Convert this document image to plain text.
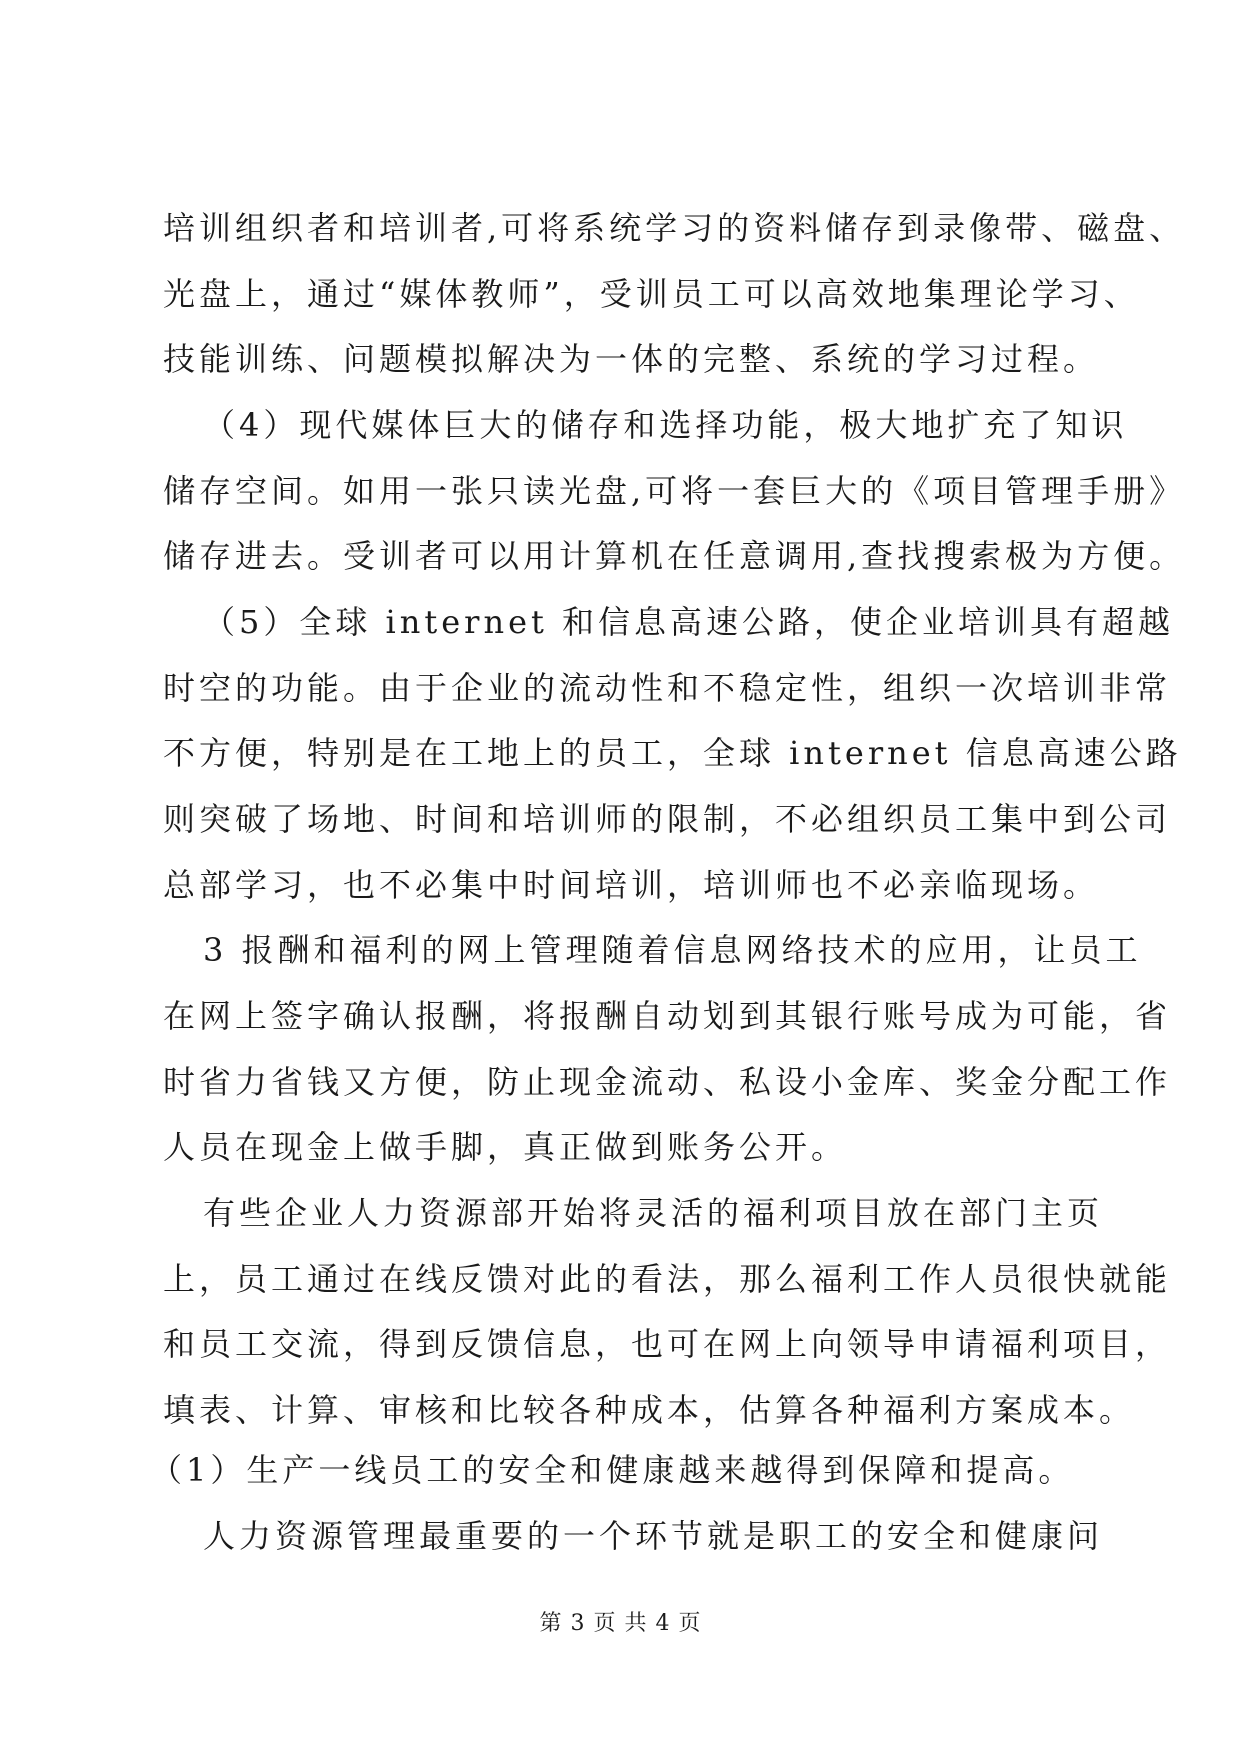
培训组织者和培训者,可将系统学习的资料储存到录像带、磁盘、
光盘上，通过“媒体教师”，受训员工可以高效地集理论学习、
技能训练、问题模拟解决为一体的完整、系统的学习过程。
（4）现代媒体巨大的储存和选择功能，极大地扩充了知识
储存空间。如用一张只读光盘,可将一套巨大的《项目管理手册》
储存进去。受训者可以用计算机在任意调用,查找搜索极为方便。
（5）全球 internet 和信息高速公路，使企业培训具有超越
时空的功能。由于企业的流动性和不稳定性，组织一次培训非常
不方便，特别是在工地上的员工，全球 internet 信息高速公路
则突破了场地、时间和培训师的限制，不必组织员工集中到公司
总部学习，也不必集中时间培训，培训师也不必亲临现场。
3 报酬和福利的网上管理随着信息网络技术的应用，让员工
在网上签字确认报酬，将报酬自动划到其银行账号成为可能，省
时省力省钱又方便，防止现金流动、私设小金库、奖金分配工作
人员在现金上做手脚，真正做到账务公开。
有些企业人力资源部开始将灵活的福利项目放在部门主页
上，员工通过在线反馈对此的看法，那么福利工作人员很快就能
和员工交流，得到反馈信息，也可在网上向领导申请福利项目，
填表、计算、审核和比较各种成本，估算各种福利方案成本。
（1）生产一线员工的安全和健康越来越得到保障和提高。
人力资源管理最重要的一个环节就是职工的安全和健康问
第 3 页 共 4 页
